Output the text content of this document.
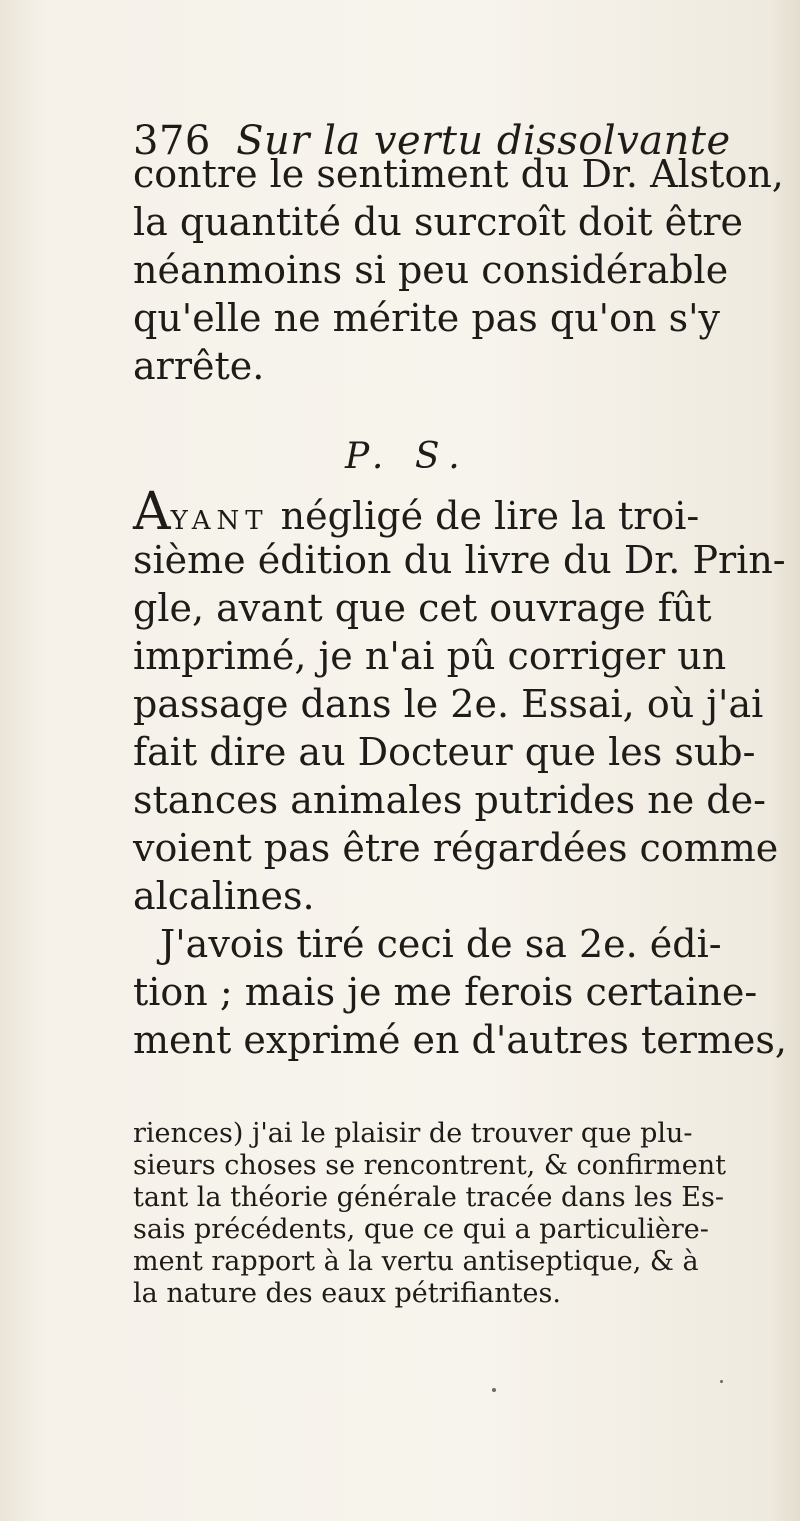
376 Sur la vertu dissolvante
contre le sentiment du Dr. Alston,
la quantité du surcroît doit être
néanmoins si peu considérable
qu'elle ne mérite pas qu'on s'y
arrête.
P. S.
AYANT négligé de lire la troi-
sième édition du livre du Dr. Prin-
gle, avant que cet ouvrage fût
imprimé, je n'ai pû corriger un
passage dans le 2e. Essai, où j'ai
fait dire au Docteur que les sub-
stances animales putrides ne de-
voient pas être régardées comme
alcalines.
J'avois tiré ceci de sa 2e. édi-
tion ; mais je me ferois certaine-
ment exprimé en d'autres termes,
riences) j'ai le plaisir de trouver que plu-
sieurs choses se rencontrent, & confirment
tant la théorie générale tracée dans les Es-
sais précédents, que ce qui a particulière-
ment rapport à la vertu antiseptique, & à
la nature des eaux pétrifiantes.
